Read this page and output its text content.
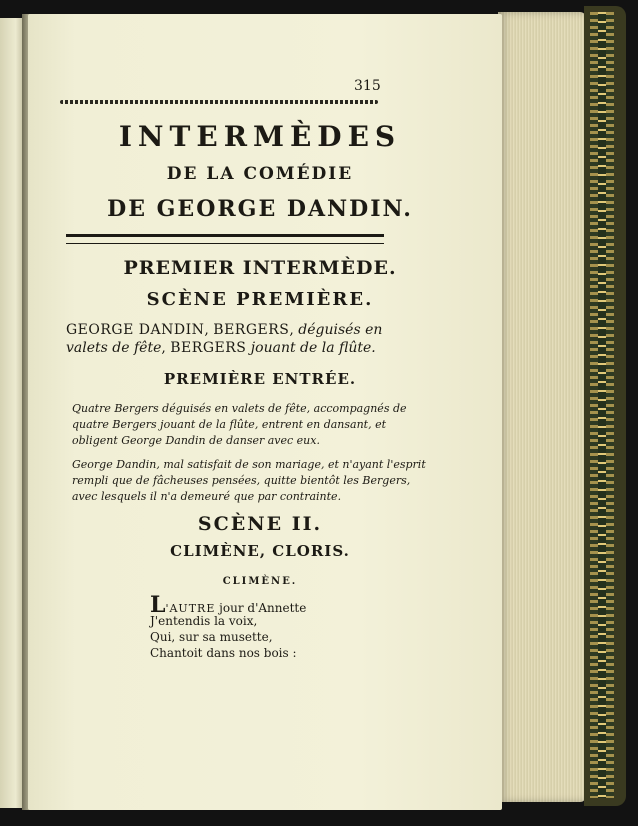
315
INTERMÈDES
DE LA COMÉDIE
DE GEORGE DANDIN.
PREMIER INTERMÈDE.
SCÈNE PREMIÈRE.
GEORGE DANDIN, BERGERS, déguisés en
valets de fête, BERGERS jouant de la flûte.
PREMIÈRE ENTRÉE.
Quatre Bergers déguisés en valets de fête, accompagnés de
quatre Bergers jouant de la flûte, entrent en dansant, et
obligent George Dandin de danser avec eux.
George Dandin, mal satisfait de son mariage, et n'ayant l'esprit
rempli que de fâcheuses pensées, quitte bientôt les Bergers,
avec lesquels il n'a demeuré que par contrainte.
SCÈNE II.
CLIMÈNE, CLORIS.
CLIMÈNE.
L'AUTRE jour d'Annette
J'entendis la voix,
Qui, sur sa musette,
Chantoit dans nos bois :
